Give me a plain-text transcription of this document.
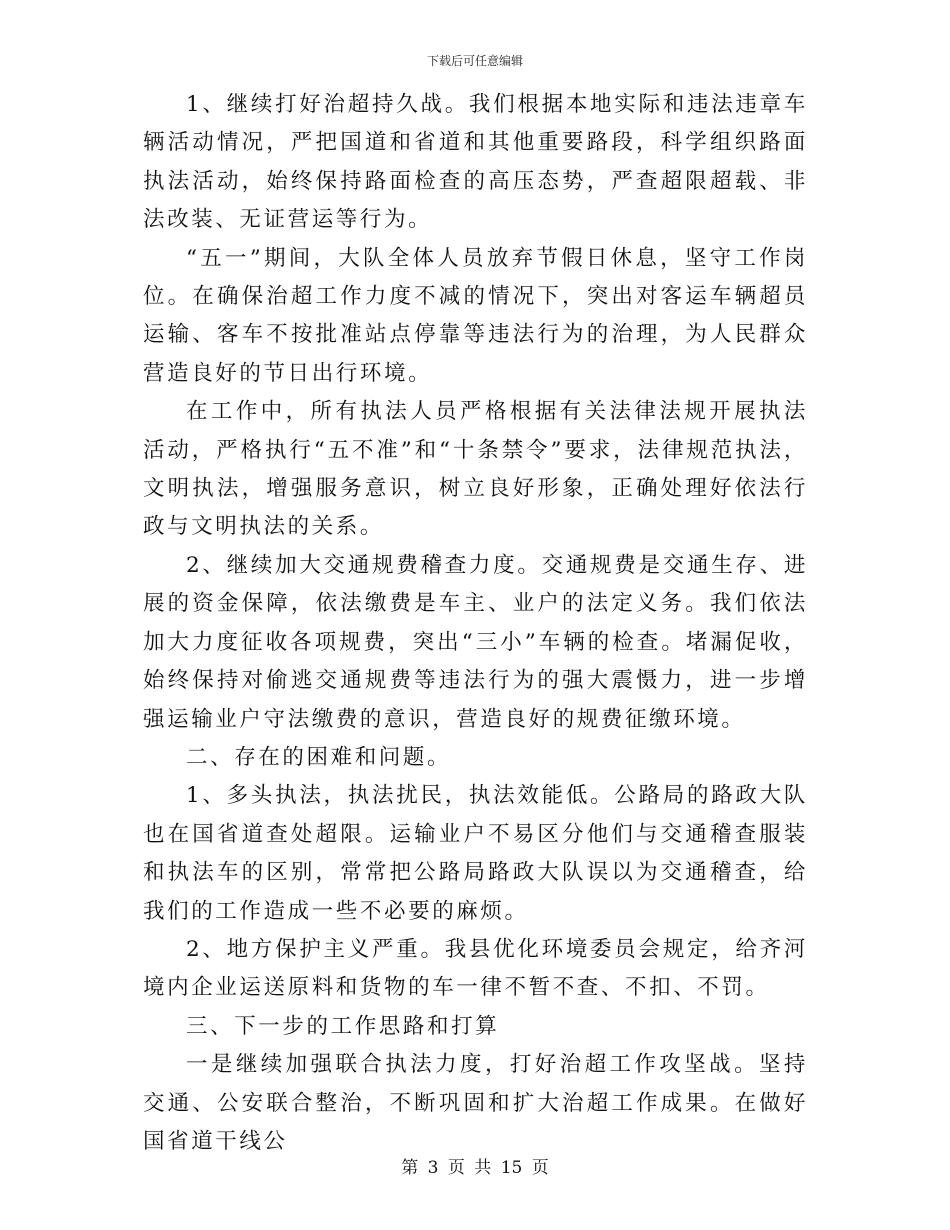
下载后可任意编辑

1、继续打好治超持久战。我们根据本地实际和违法违章车辆活动情况，严把国道和省道和其他重要路段，科学组织路面执法活动，始终保持路面检查的高压态势，严查超限超载、非法改装、无证营运等行为。

“五一”期间，大队全体人员放弃节假日休息，坚守工作岗位。在确保治超工作力度不减的情况下，突出对客运车辆超员运输、客车不按批准站点停靠等违法行为的治理，为人民群众营造良好的节日出行环境。

在工作中，所有执法人员严格根据有关法律法规开展执法活动，严格执行“五不准”和“十条禁令”要求，法律规范执法，文明执法，增强服务意识，树立良好形象，正确处理好依法行政与文明执法的关系。

2、继续加大交通规费稽查力度。交通规费是交通生存、进展的资金保障，依法缴费是车主、业户的法定义务。我们依法加大力度征收各项规费，突出“三小”车辆的检查。堵漏促收，始终保持对偷逃交通规费等违法行为的强大震慑力，进一步增强运输业户守法缴费的意识，营造良好的规费征缴环境。

二、存在的困难和问题。

1、多头执法，执法扰民，执法效能低。公路局的路政大队也在国省道查处超限。运输业户不易区分他们与交通稽查服装和执法车的区别，常常把公路局路政大队误以为交通稽查，给我们的工作造成一些不必要的麻烦。

2、地方保护主义严重。我县优化环境委员会规定，给齐河境内企业运送原料和货物的车一律不暂不查、不扣、不罚。

三、下一步的工作思路和打算

一是继续加强联合执法力度，打好治超工作攻坚战。坚持交通、公安联合整治，不断巩固和扩大治超工作成果。在做好国省道干线公

第 3 页 共 15 页
